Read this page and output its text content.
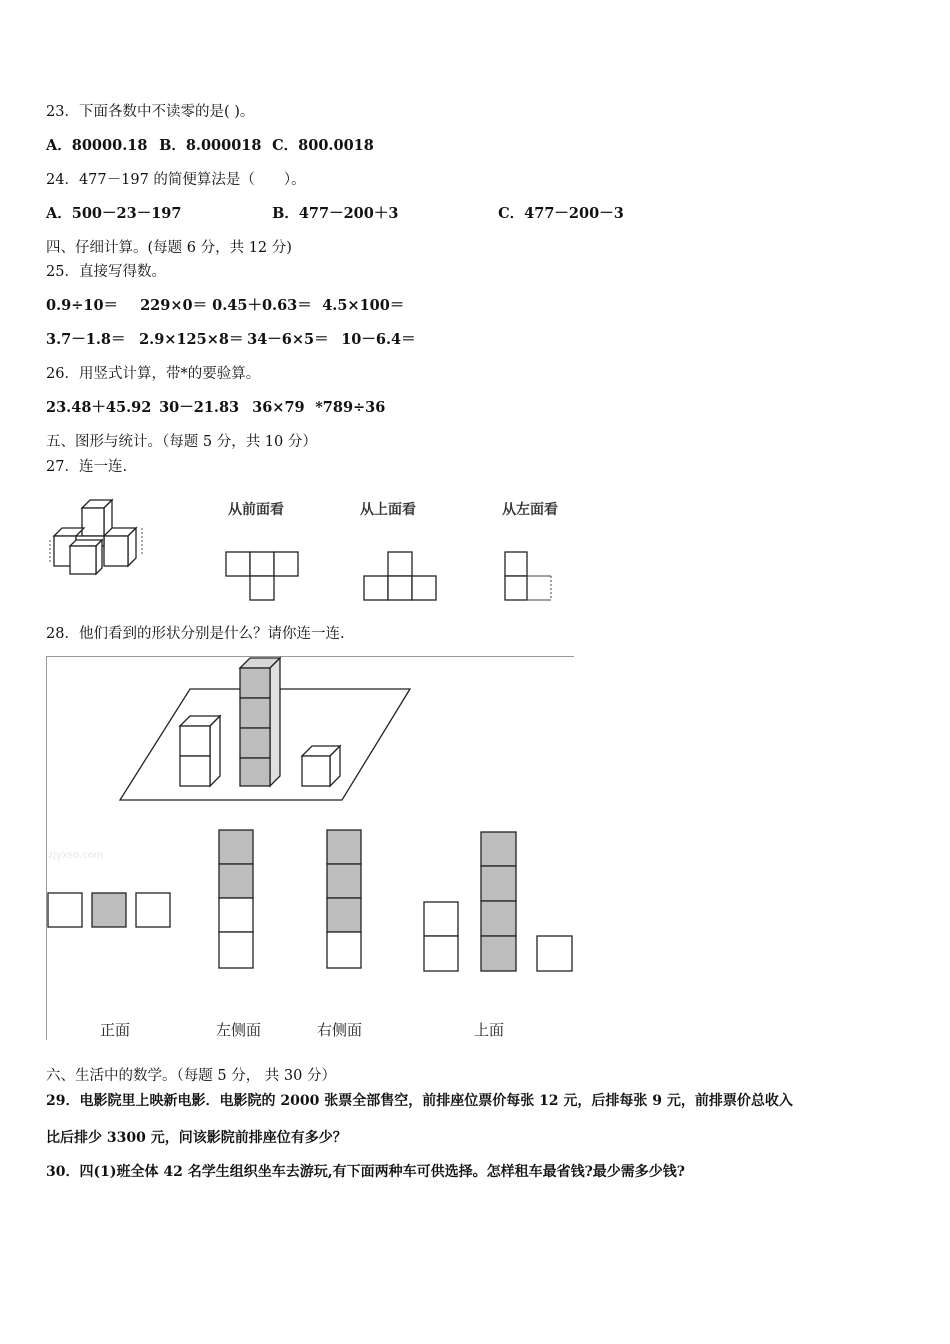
23．下面各数中不读零的是( )。
A．80000.18 B．8.000018 C．800.0018
24．477－197 的简便算法是（　　）。
A．500－23－197	B．477－200＋3	C．477－200－3
四、仔细计算。(每题 6 分，共 12 分)
25．直接写得数。
0.9÷10＝ 229×0＝ 0.45＋0.63＝ 4.5×100＝
3.7－1.8＝ 2.9×125×8＝ 34－6×5＝ 10－6.4＝
26．用竖式计算，带*的要验算。
23.48＋45.92 30－21.83 36×79 *789÷36
五、图形与统计。（每题 5 分，共 10 分）
27．连一连.
从前面看	从上面看	从左面看
28．他们看到的形状分别是什么？请你连一连.
zjyxso.com
正面	左侧面	右侧面	上面
六、生活中的数学。（每题 5 分， 共 30 分）
29．电影院里上映新电影．电影院的 2000 张票全部售空，前排座位票价每张 12 元，后排每张 9 元，前排票价总收入
比后排少 3300 元，问该影院前排座位有多少？
30．四(1)班全体 42 名学生组织坐车去游玩,有下面两种车可供选择。怎样租车最省钱?最少需多少钱?
